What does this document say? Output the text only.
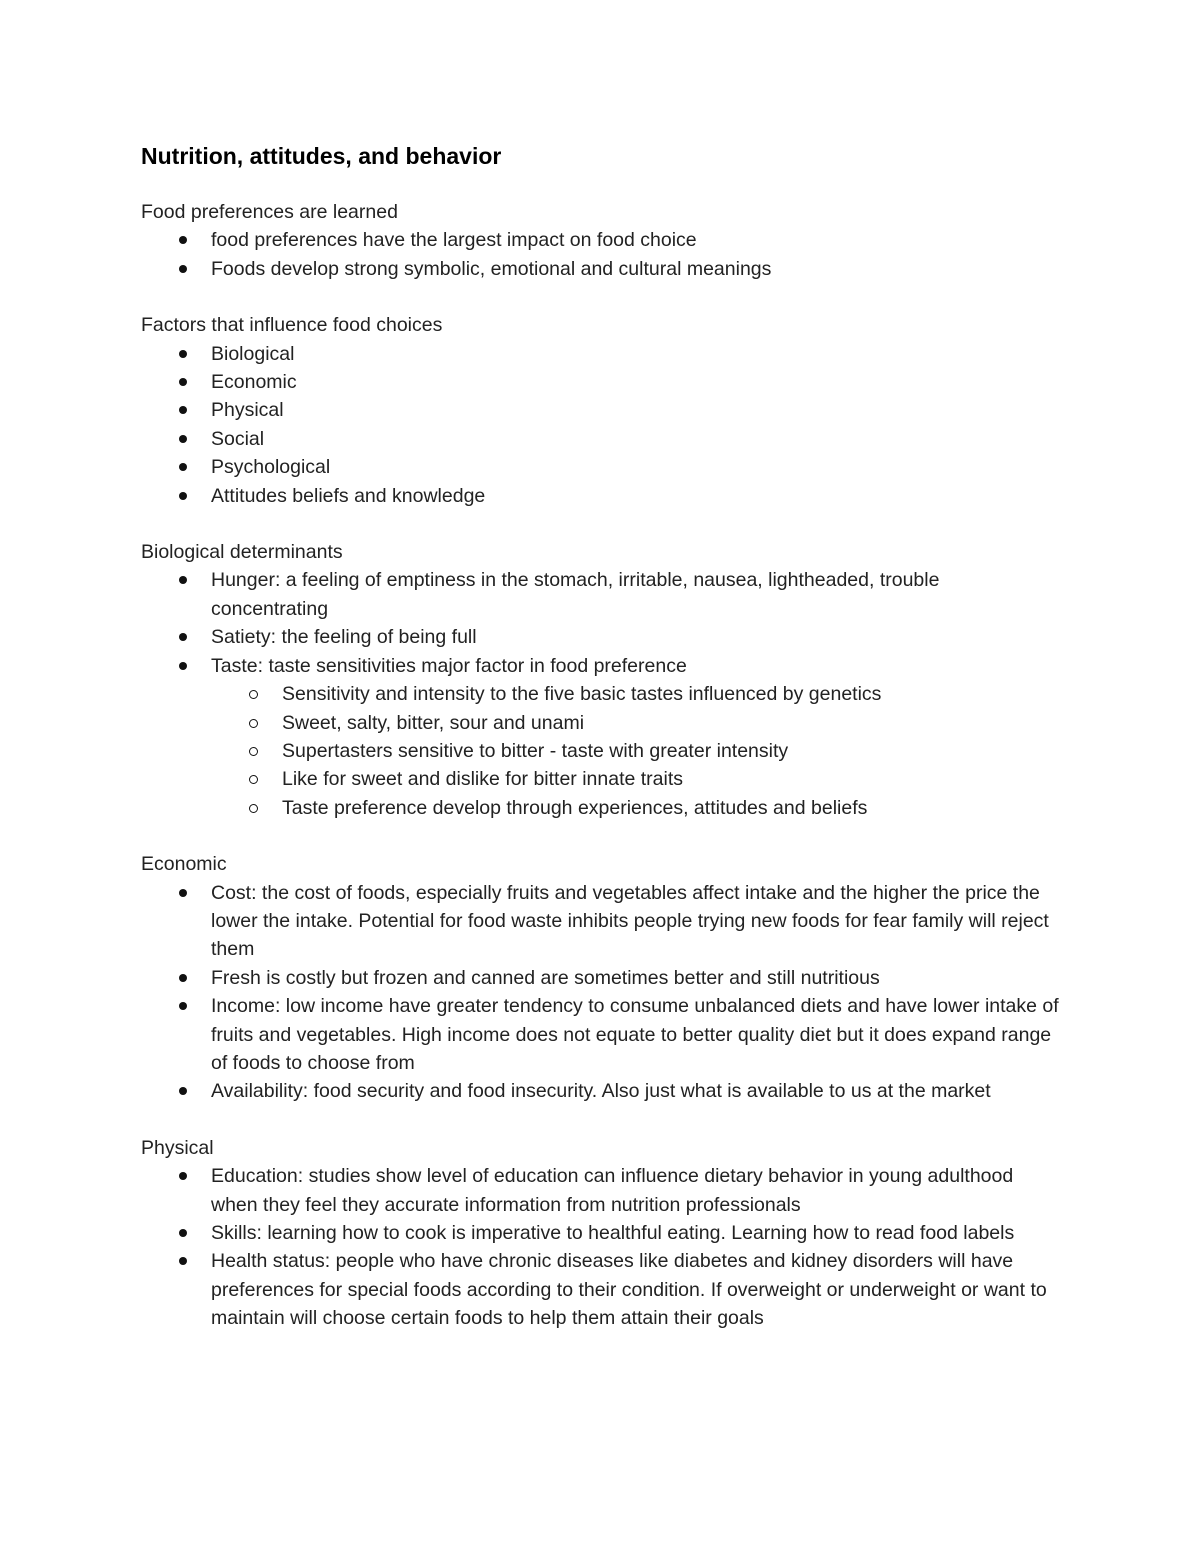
Nutrition, attitudes, and behavior

Food preferences are learned

food preferences have the largest impact on food choice
Foods develop strong symbolic, emotional and cultural meanings

Factors that influence food choices

Biological
Economic
Physical
Social
Psychological
Attitudes beliefs and knowledge

Biological determinants

Hunger: a feeling of emptiness in the stomach, irritable, nausea, lightheaded, trouble concentrating
Satiety: the feeling of being full
Taste: taste sensitivities major factor in food preference
Sensitivity and intensity to the five basic tastes influenced by genetics
Sweet, salty, bitter, sour and unami
Supertasters sensitive to bitter - taste with greater intensity
Like for sweet and dislike for bitter innate traits
Taste preference develop through experiences, attitudes and beliefs

Economic

Cost: the cost of foods, especially fruits and vegetables affect intake and the higher the price the lower the intake. Potential for food waste inhibits people trying new foods for fear family will reject them
Fresh is costly but frozen and canned are sometimes better and still nutritious
Income: low income have greater tendency to consume unbalanced diets and have lower intake of fruits and vegetables. High income does not equate to better quality diet but it does expand range of foods to choose from
Availability: food security and food insecurity. Also just what is available to us at the market

Physical

Education: studies show level of education can influence dietary behavior in young adulthood when they feel they accurate information from nutrition professionals
Skills: learning how to cook is imperative to healthful eating. Learning how to read food labels
Health status: people who have chronic diseases like diabetes and kidney disorders will have preferences for special foods according to their condition. If overweight or underweight or want to maintain will choose certain foods to help them attain their goals
